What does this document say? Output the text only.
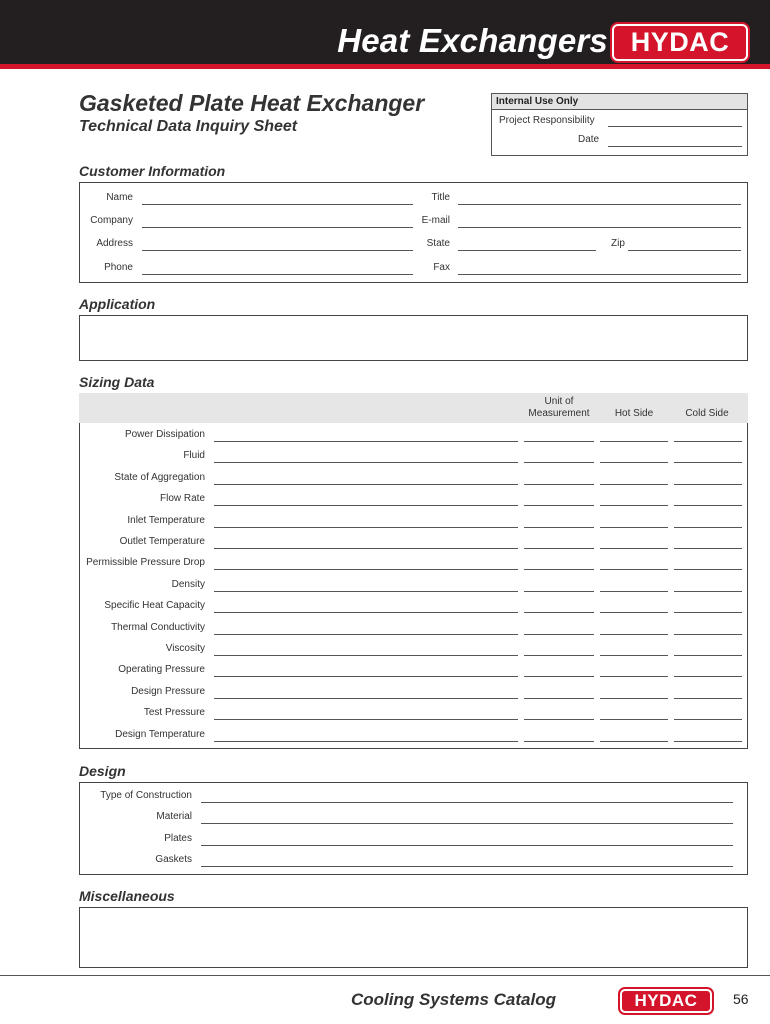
Heat Exchangers HYDAC
Gasketed Plate Heat Exchanger
Technical Data Inquiry Sheet
Internal Use Only
Project Responsibility
Date
Customer Information
Name	Title
Company	E-mail
Address	State	Zip
Phone	Fax
Application
Sizing Data
Unit of Measurement	Hot Side	Cold Side
Power Dissipation
Fluid
State of Aggregation
Flow Rate
Inlet Temperature
Outlet Temperature
Permissible Pressure Drop
Density
Specific Heat Capacity
Thermal Conductivity
Viscosity
Operating Pressure
Design Pressure
Test Pressure
Design Temperature
Design
Type of Construction
Material
Plates
Gaskets
Miscellaneous
Cooling Systems Catalog	HYDAC	56
